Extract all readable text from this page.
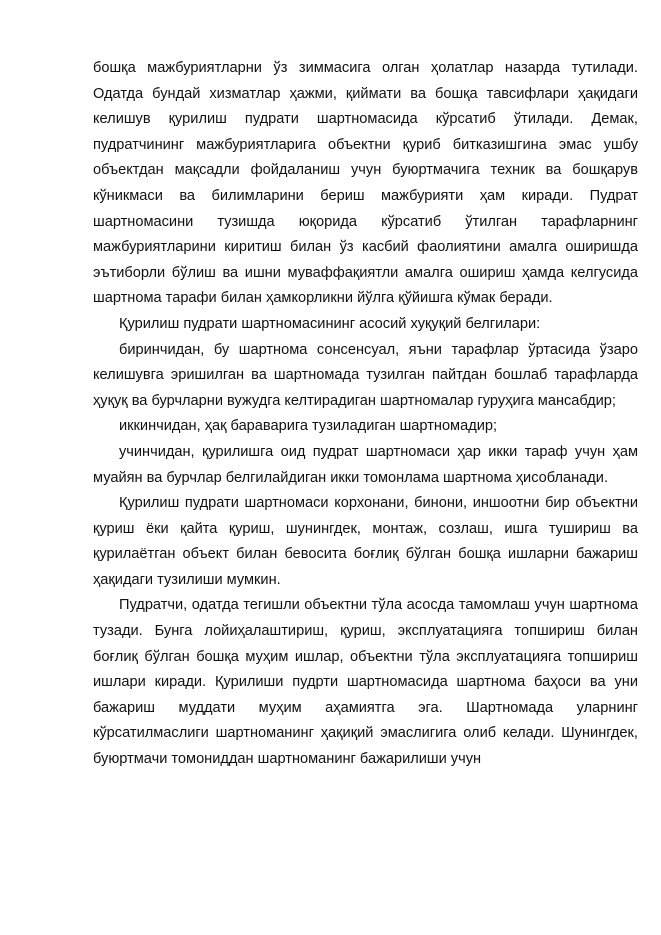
бошқа мажбуриятларни ўз зиммасига олган ҳолатлар назарда тутилади. Одатда бундай хизматлар ҳажми, қиймати ва бошқа тавсифлари ҳақидаги келишув қурилиш пудрати шартномасида кўрсатиб ўтилади. Демак, пудратчининг мажбуриятларига объектни қуриб битказишгина эмас ушбу объектдан мақсадли фойдаланиш учун буюртмачига техник ва бошқарув кўникмаси ва билимларини бериш мажбурияти ҳам киради. Пудрат шартномасини тузишда юқорида кўрсатиб ўтилган тарафларнинг мажбуриятларини киритиш билан ўз касбий фаолиятини амалга оширишда эътиборли бўлиш ва ишни муваффақиятли амалга ошириш ҳамда келгусида шартнома тарафи билан ҳамкорликни йўлга қўйишга кўмак беради.

Қурилиш пудрати шартномасининг асосий хуқуқий белгилари:

биринчидан, бу шартнома сонсенсуал, яъни тарафлар ўртасида ўзаро келишувга эришилган ва шартномада тузилган пайтдан бошлаб тарафларда ҳуқуқ ва бурчларни вужудга келтирадиган шартномалар гуруҳига мансабдир;

иккинчидан, ҳақ бараварига тузиладиган шартномадир;

учинчидан, қурилишга оид пудрат шартномаси ҳар икки тараф учун ҳам муайян ва бурчлар белгилайдиган икки томонлама шартнома ҳисобланади.

Қурилиш пудрати шартномаси корхонани, бинони, иншоотни бир объектни қуриш ёки қайта қуриш, шунингдек, монтаж, созлаш, ишга тушириш ва қурилаётган объект билан бевосита боғлиқ бўлган бошқа ишларни бажариш ҳақидаги тузилиши мумкин.

Пудратчи, одатда тегишли объектни тўла асосда тамомлаш учун шартнома тузади. Бунга лойиҳалаштириш, қуриш, эксплуатацияга топшириш билан боғлиқ бўлган бошқа муҳим ишлар, объектни тўла эксплуатацияга топшириш ишлари киради. Қурилиши пудрти шартномасида шартнома баҳоси ва уни бажариш муддати муҳим аҳамиятга эга. Шартномада уларнинг кўрсатилмаслиги шартноманинг ҳақиқий эмаслигига олиб келади. Шунингдек, буюртмачи томониддан шартноманинг бажарилиши учун
